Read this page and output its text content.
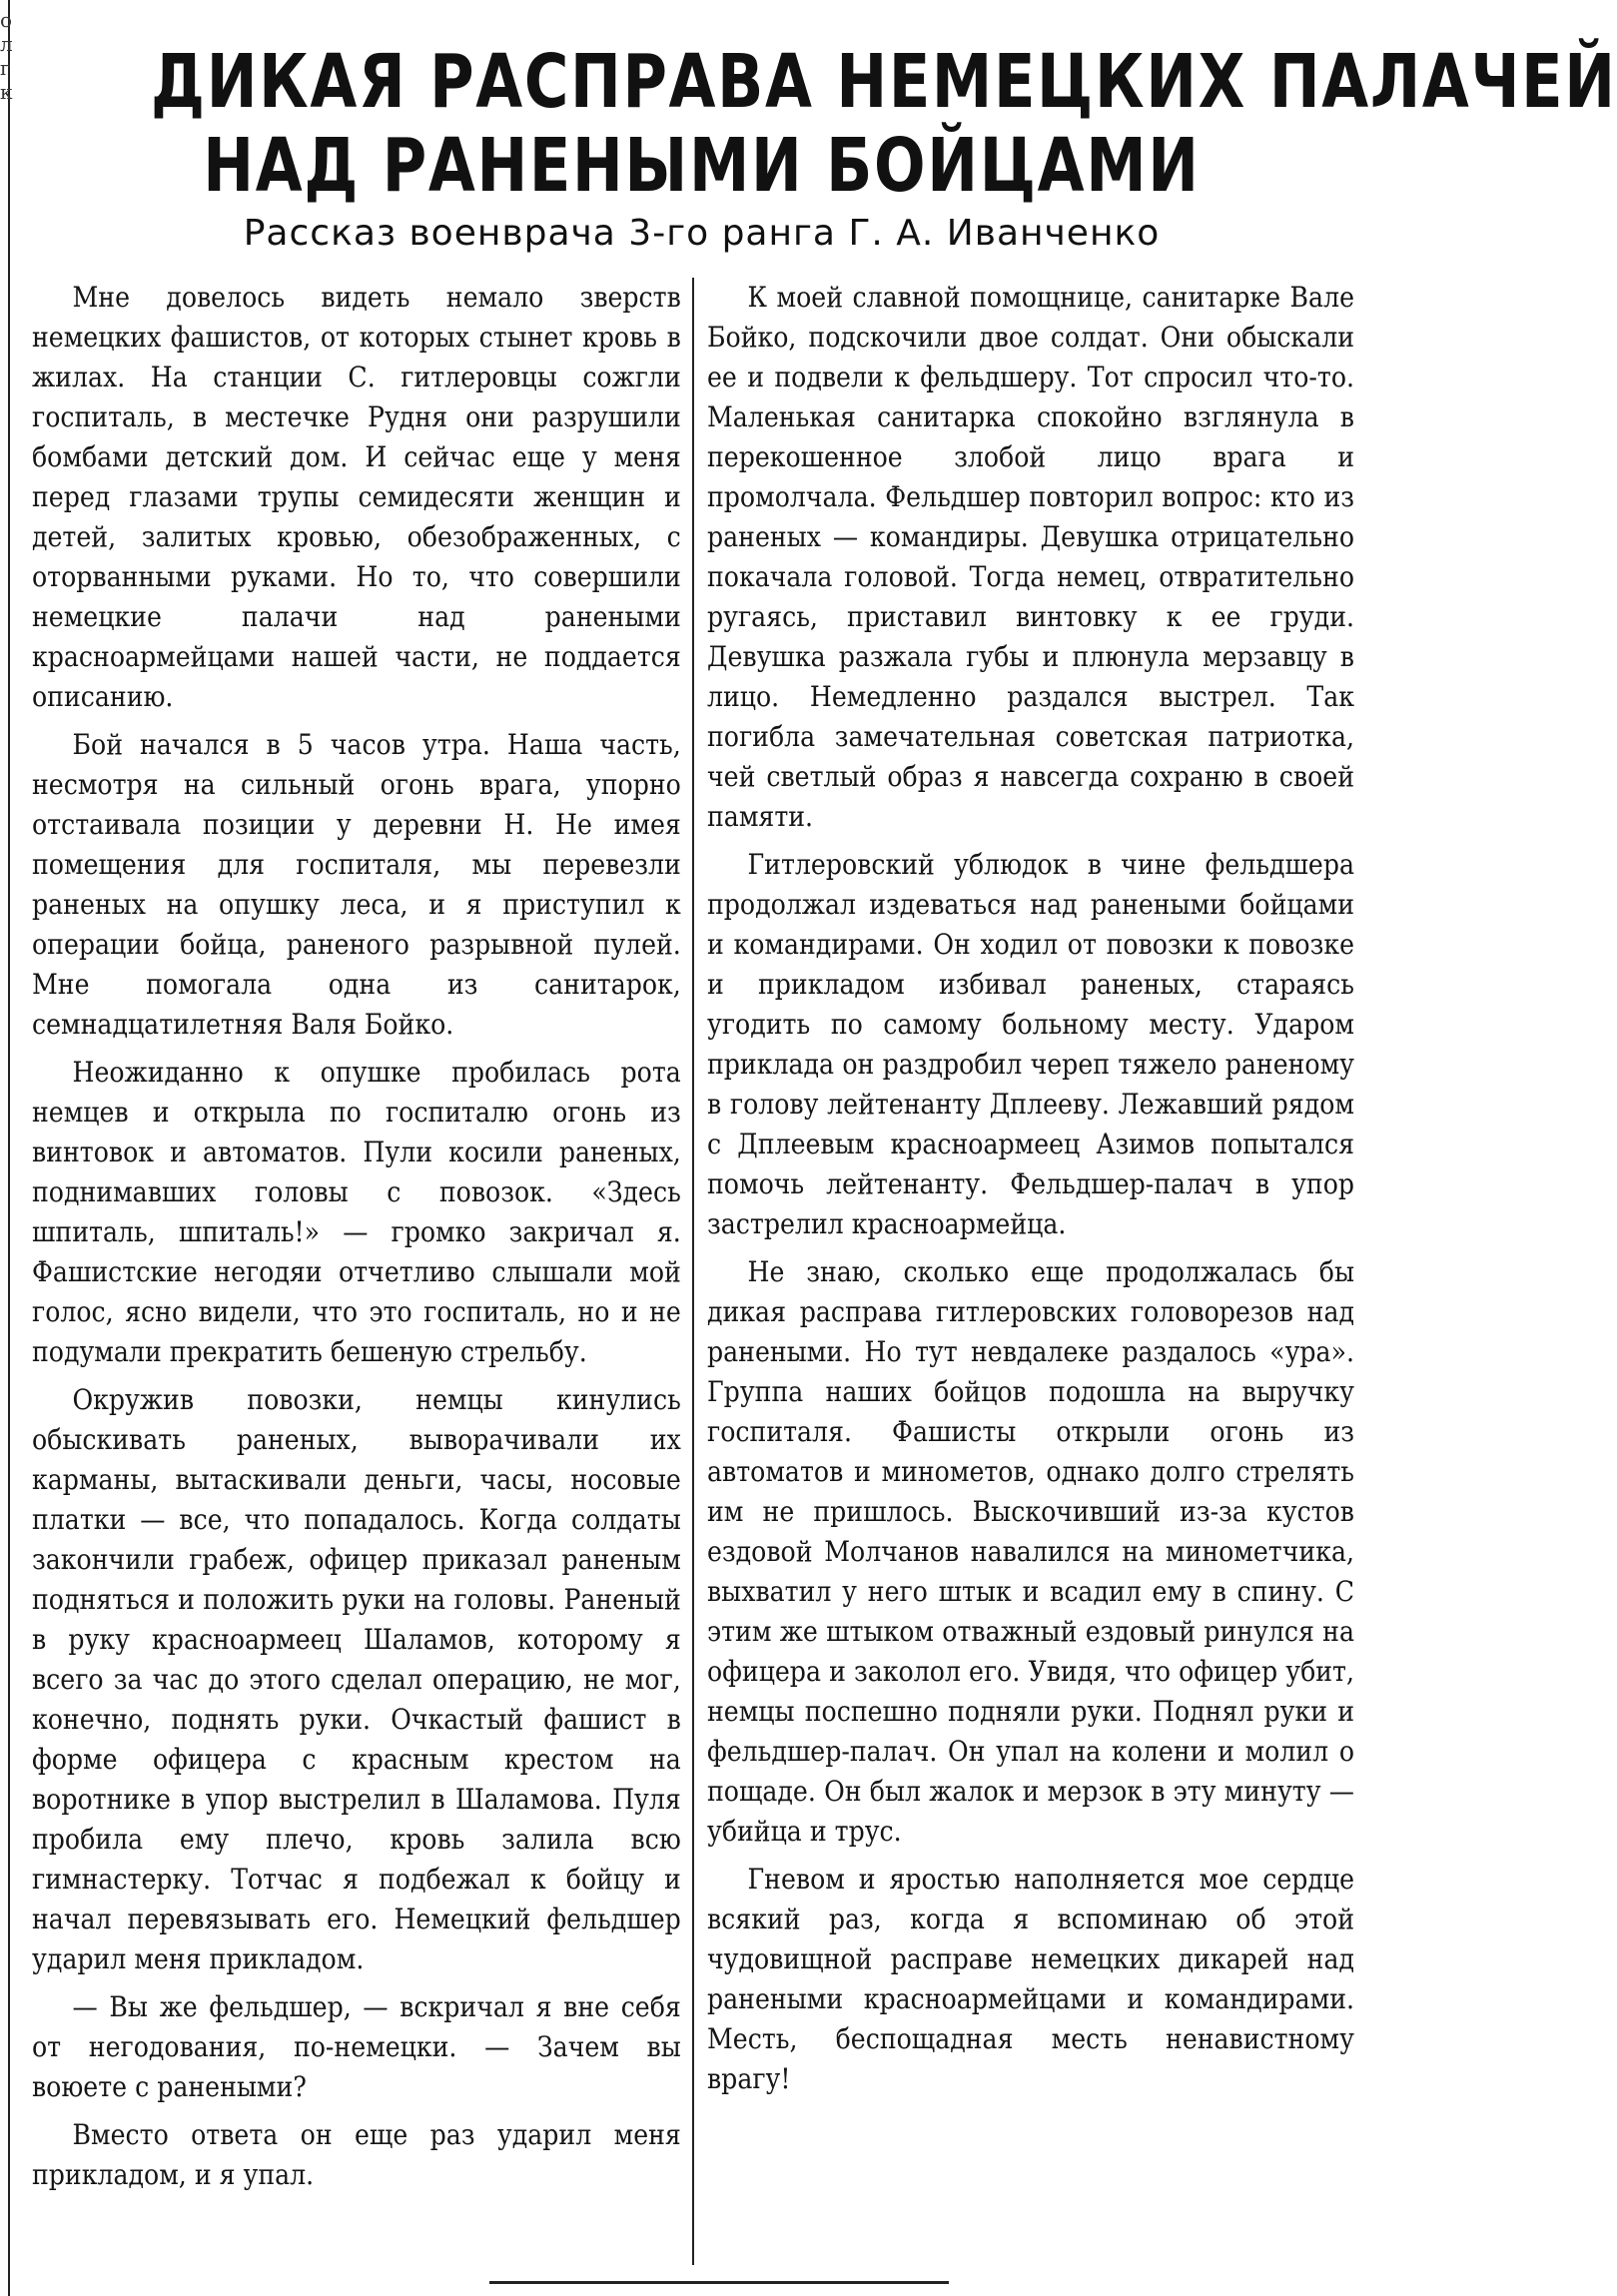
о
л
г
к ДИКАЯ РАСПРАВА НЕМЕЦКИХ ПАЛАЧЕЙ
НАД РАНЕНЫМИ БОЙЦАМИ
Рассказ военврача 3-го ранга Г. А. Иванченко

Мне довелось видеть немало зверств немецких фашистов, от которых стынет кровь в жилах. На станции С. гитлеровцы сожгли госпиталь, в местечке Рудня они разрушили бомбами детский дом. И сейчас еще у меня перед глазами трупы семидесяти женщин и детей, залитых кровью, обезображенных, с оторванными руками. Но то, что совершили немецкие палачи над ранеными красноармейцами нашей части, не поддается описанию.

Бой начался в 5 часов утра. Наша часть, несмотря на сильный огонь врага, упорно отстаивала позиции у деревни Н. Не имея помещения для госпиталя, мы перевезли раненых на опушку леса, и я приступил к операции бойца, раненого разрывной пулей. Мне помогала одна из санитарок, семнадцатилетняя Валя Бойко.

Неожиданно к опушке пробилась рота немцев и открыла по госпиталю огонь из винтовок и автоматов. Пули косили раненых, поднимавших головы с повозок. «Здесь шпиталь, шпиталь!» — громко закричал я. Фашистские негодяи отчетливо слышали мой голос, ясно видели, что это госпиталь, но и не подумали прекратить бешеную стрельбу.

Окружив повозки, немцы кинулись обыскивать раненых, выворачивали их карманы, вытаскивали деньги, часы, носовые платки — все, что попадалось. Когда солдаты закончили грабеж, офицер приказал раненым подняться и положить руки на головы. Раненый в руку красноармеец Шаламов, которому я всего за час до этого сделал операцию, не мог, конечно, поднять руки. Очкастый фашист в форме офицера с красным крестом на воротнике в упор выстрелил в Шаламова. Пуля пробила ему плечо, кровь залила всю гимнастерку. Тотчас я подбежал к бойцу и начал перевязывать его. Немецкий фельдшер ударил меня прикладом.

— Вы же фельдшер, — вскричал я вне себя от негодования, по-немецки. — Зачем вы воюете с ранеными?

Вместо ответа он еще раз ударил меня прикладом, и я упал.

К моей славной помощнице, санитарке Вале Бойко, подскочили двое солдат. Они обыскали ее и подвели к фельдшеру. Тот спросил что-то. Маленькая санитарка спокойно взглянула в перекошенное злобой лицо врага и промолчала. Фельдшер повторил вопрос: кто из раненых — командиры. Девушка отрицательно покачала головой. Тогда немец, отвратительно ругаясь, приставил винтовку к ее груди. Девушка разжала губы и плюнула мерзавцу в лицо. Немедленно раздался выстрел. Так погибла замечательная советская патриотка, чей светлый образ я навсегда сохраню в своей памяти.

Гитлеровский ублюдок в чине фельдшера продолжал издеваться над ранеными бойцами и командирами. Он ходил от повозки к повозке и прикладом избивал раненых, стараясь угодить по самому больному месту. Ударом приклада он раздробил череп тяжело раненому в голову лейтенанту Дплееву. Лежавший рядом с Дплеевым красноармеец Азимов попытался помочь лейтенанту. Фельдшер-палач в упор застрелил красноармейца.

Не знаю, сколько еще продолжалась бы дикая расправа гитлеровских головорезов над ранеными. Но тут невдалеке раздалось «ура». Группа наших бойцов подошла на выручку госпиталя. Фашисты открыли огонь из автоматов и минометов, однако долго стрелять им не пришлось. Выскочивший из-за кустов ездовой Молчанов навалился на минометчика, выхватил у него штык и всадил ему в спину. С этим же штыком отважный ездовый ринулся на офицера и заколол его. Увидя, что офицер убит, немцы поспешно подняли руки. Поднял руки и фельдшер-палач. Он упал на колени и молил о пощаде. Он был жалок и мерзок в эту минуту — убийца и трус.

Гневом и яростью наполняется мое сердце всякий раз, когда я вспоминаю об этой чудовищной расправе немецких дикарей над ранеными красноармейцами и командирами. Месть, беспощадная месть ненавистному врагу!
